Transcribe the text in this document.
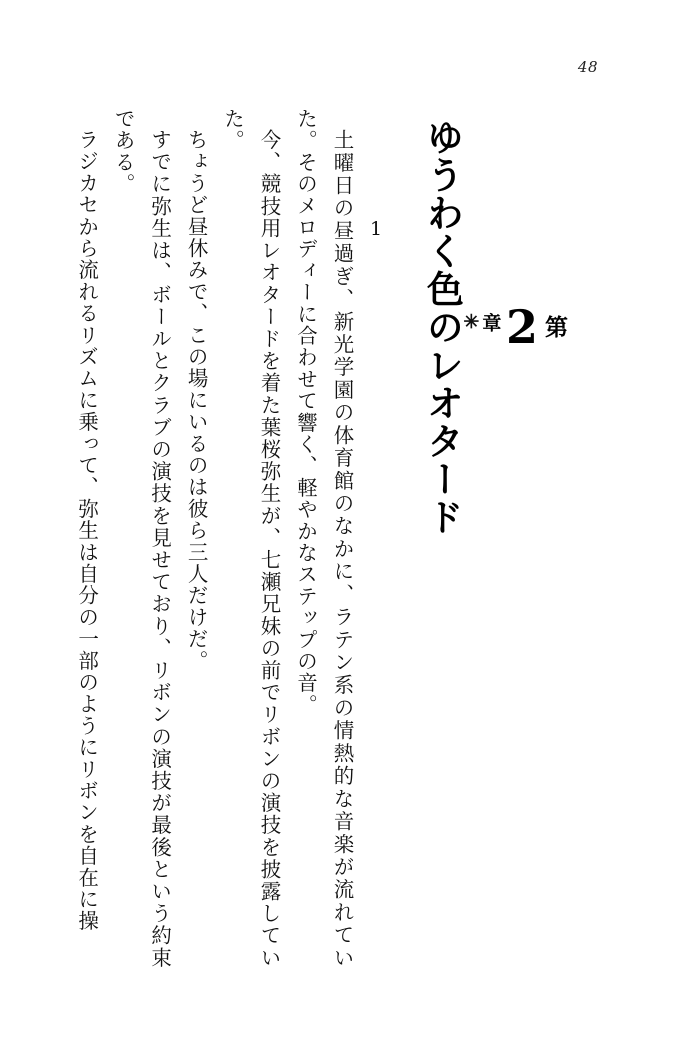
48
第
2
章
✳
ゆうわく色のレオタード
1

土曜日の昼過ぎ、新光学園の体育館のなかに、ラテン系の情熱的な音楽が流れていた。そのメロディーに合わせて響く、軽やかなステップの音。

今、競技用レオタードを着た葉桜弥生が、七瀬兄妹の前でリボンの演技を披露していた。

ちょうど昼休みで、この場にいるのは彼ら三人だけだ。

すでに弥生は、ボールとクラブの演技を見せており、リボンの演技が最後という約束である。

ラジカセから流れるリズムに乗って、弥生は自分の一部のようにリボンを自在に操
